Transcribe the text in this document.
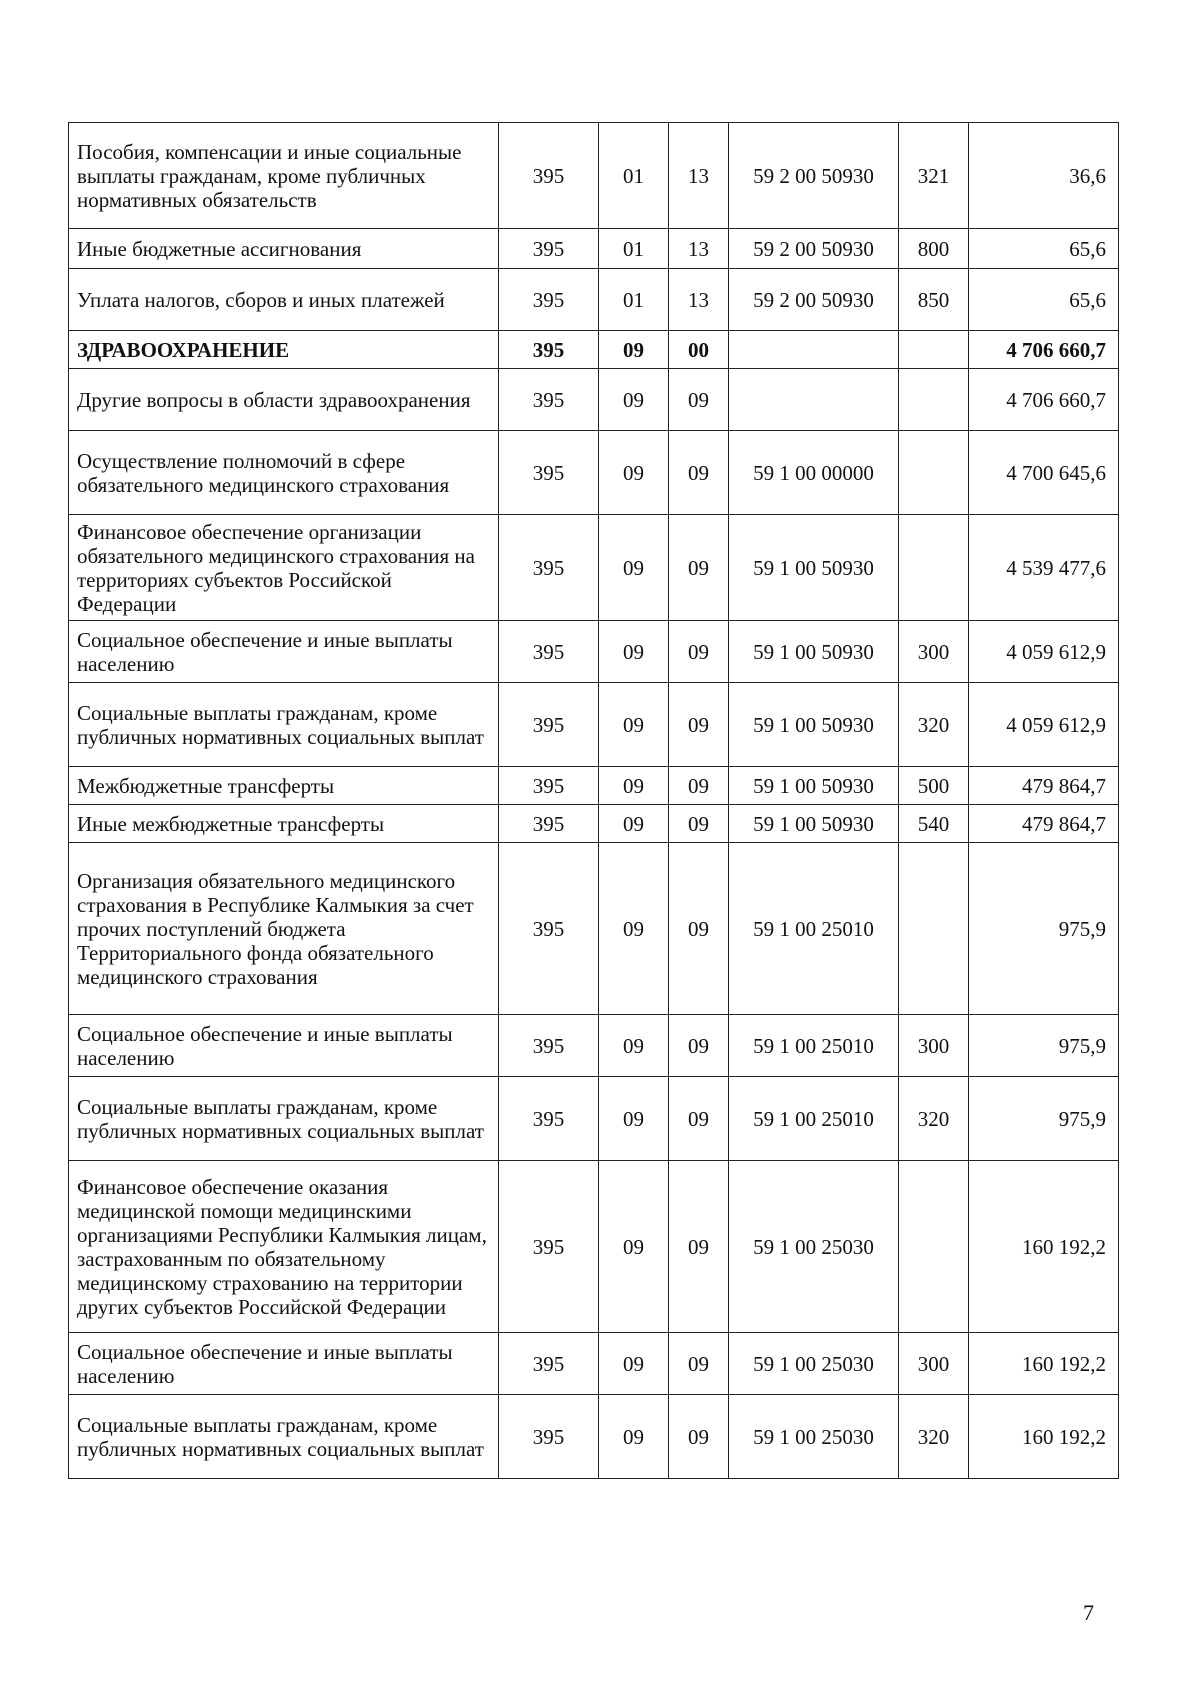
Пособия, компенсации и иные социальные выплаты гражданам, кроме публичных нормативных обязательств	395	01	13	59 2 00 50930	321	36,6
Иные бюджетные ассигнования	395	01	13	59 2 00 50930	800	65,6
Уплата налогов, сборов и иных платежей	395	01	13	59 2 00 50930	850	65,6
ЗДРАВООХРАНЕНИЕ	395	09	00			4 706 660,7
Другие вопросы в области здравоохранения	395	09	09			4 706 660,7
Осуществление полномочий в сфере обязательного медицинского страхования	395	09	09	59 1 00 00000		4 700 645,6
Финансовое обеспечение организации обязательного медицинского страхования на территориях субъектов Российской Федерации	395	09	09	59 1 00 50930		4 539 477,6
Социальное обеспечение и иные выплаты населению	395	09	09	59 1 00 50930	300	4 059 612,9
Социальные выплаты гражданам, кроме публичных нормативных социальных выплат	395	09	09	59 1 00 50930	320	4 059 612,9
Межбюджетные трансферты	395	09	09	59 1 00 50930	500	479 864,7
Иные межбюджетные трансферты	395	09	09	59 1 00 50930	540	479 864,7
Организация обязательного медицинского страхования в Республике Калмыкия за счет прочих поступлений бюджета Территориального фонда обязательного медицинского страхования	395	09	09	59 1 00 25010		975,9
Социальное обеспечение и иные выплаты населению	395	09	09	59 1 00 25010	300	975,9
Социальные выплаты гражданам, кроме публичных нормативных социальных выплат	395	09	09	59 1 00 25010	320	975,9
Финансовое обеспечение оказания медицинской помощи медицинскими организациями Республики Калмыкия лицам, застрахованным по обязательному медицинскому страхованию на территории других субъектов Российской Федерации	395	09	09	59 1 00 25030		160 192,2
Социальное обеспечение и иные выплаты населению	395	09	09	59 1 00 25030	300	160 192,2
Социальные выплаты гражданам, кроме публичных нормативных социальных выплат	395	09	09	59 1 00 25030	320	160 192,2
7
